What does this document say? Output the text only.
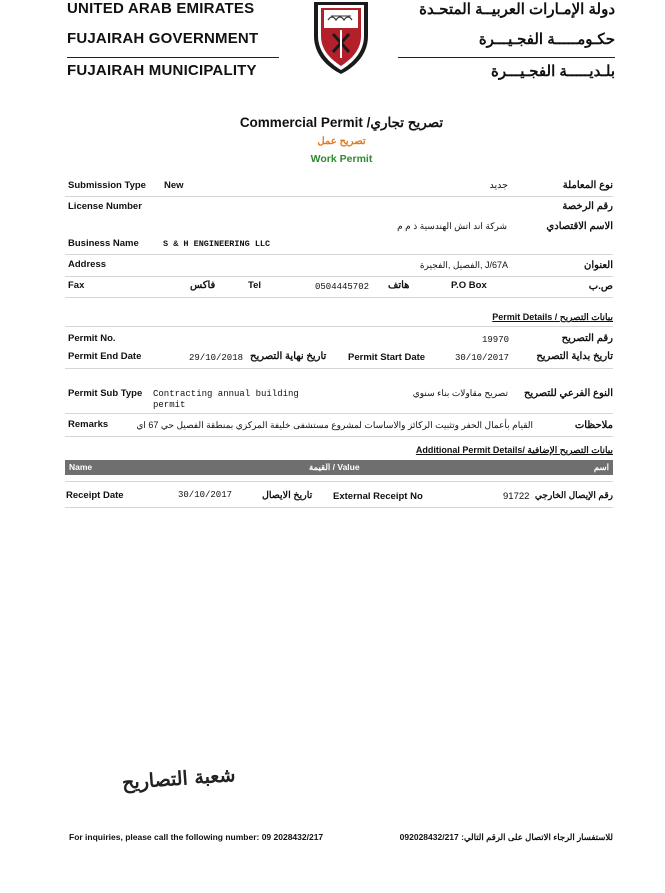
UNITED ARAB EMIRATES
FUJAIRAH GOVERNMENT
FUJAIRAH MUNICIPALITY
دولة الإمـارات العربيــة المتحـدة
حكـومـــــة الفجـيـــرة
بلـديـــــة الفجـيـــرة
Commercial Permit /تصريح تجاري
تصريح عمل
Work Permit
Submission Type New	جديد	نوع المعاملة
License Number	رقم الرخصة
شركة اند اتش الهندسية ذ م م	الاسم الاقتصادي
Business Name	S & H ENGINEERING LLC
Address	J/67A ,الفصيل ,الفجيرة	العنوان
Fax	فاكس	Tel	0504445702 هاتف	P.O Box	ص.ب
Permit Details / بيانات التصريح
Permit No.	19970	رقم التصريح
Permit End Date	29/10/2018 تاريخ نهاية التصريح Permit Start Date	30/10/2017	تاريخ بداية التصريح
Permit Sub Type Contracting annual building
permit
تصريح مقاولات بناء سنوي النوع الفرعي للتصريح
Remarks	القيام بأعمال الحفر وتثبيت الركائز والاساسات لمشروع مستشفى خليفة المركزي بمنطقة الفصيل حي 67 اي	ملاحظات
Additional Permit Details/ بيانات التصريح الإضافية
Name	القيمة / Value	اسم
Receipt Date	30/10/2017	تاريخ الايصال External Receipt No	91722 رقم الإيصال الخارجي
شعبة التصاريح
For inquiries, please call the following number: 09 2028432/217	للاستفسار الرجاء الاتصال على الرقم التالي: 092028432/217
